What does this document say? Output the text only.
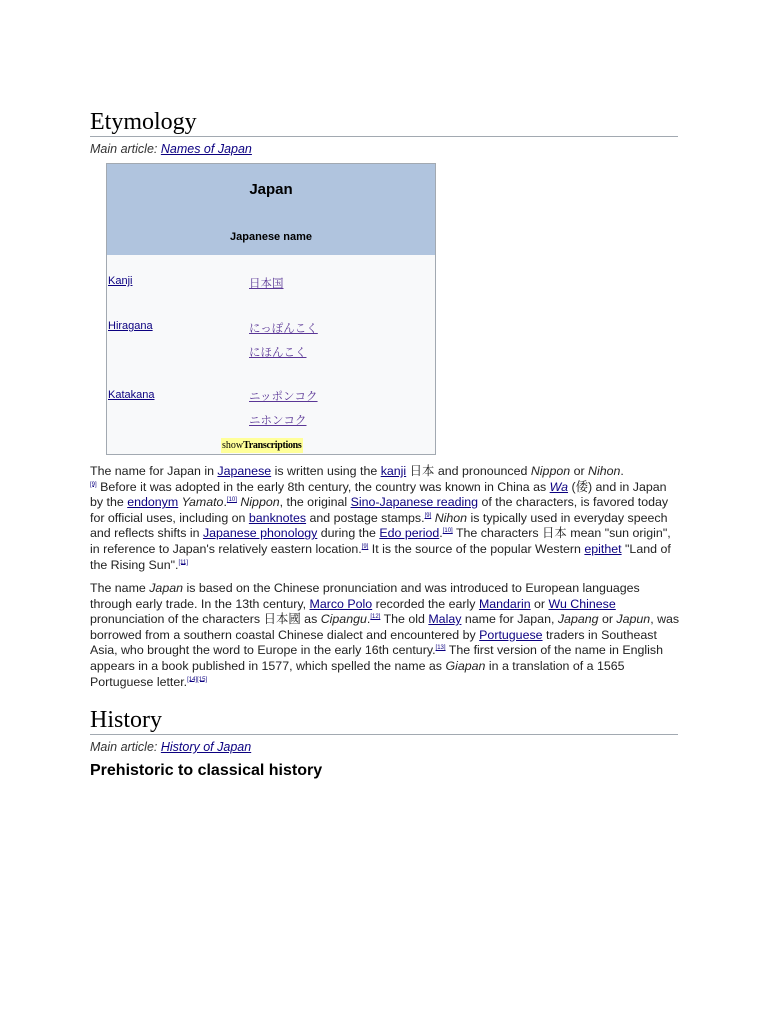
Etymology
Main article: Names of Japan
Japan
Japanese name
Kanji	日本国
Hiragana	にっぽんこく
にほんこく
Katakana	ニッポンコク
ニホンコク
showTranscriptions

The name for Japan in Japanese is written using the kanji 日本 and pronounced Nippon or Nihon.
[9] Before it was adopted in the early 8th century, the country was known in China as Wa (倭) and in Japan by the endonym Yamato.[10] Nippon, the original Sino-Japanese reading of the characters, is favored today for official uses, including on banknotes and postage stamps.[9] Nihon is typically used in everyday speech and reflects shifts in Japanese phonology during the Edo period.[10] The characters 日本 mean "sun origin", in reference to Japan's relatively eastern location.[9] It is the source of the popular Western epithet "Land of the Rising Sun".[11]

The name Japan is based on the Chinese pronunciation and was introduced to European languages through early trade. In the 13th century, Marco Polo recorded the early Mandarin or Wu Chinese pronunciation of the characters 日本國 as Cipangu.[12] The old Malay name for Japan, Japang or Japun, was borrowed from a southern coastal Chinese dialect and encountered by Portuguese traders in Southeast Asia, who brought the word to Europe in the early 16th century.[13] The first version of the name in English appears in a book published in 1577, which spelled the name as Giapan in a translation of a 1565 Portuguese letter.[14][15]

History
Main article: History of Japan
Prehistoric to classical history
